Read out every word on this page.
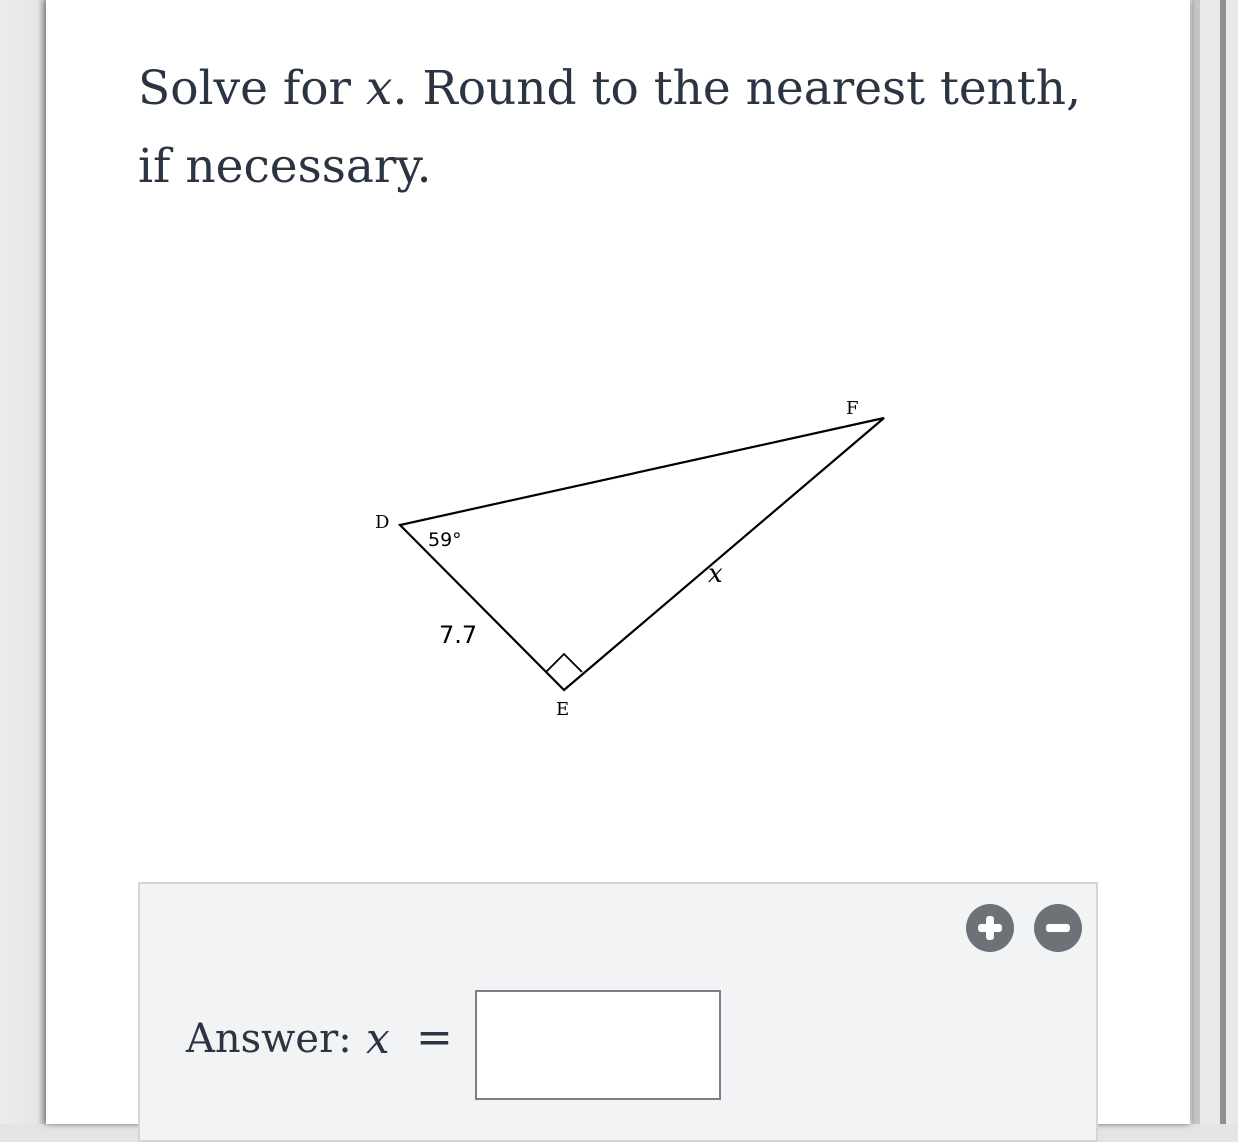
Solve for x. Round to the nearest tenth, if necessary.

D
E
F
59°
7.7
x
Answer: x =
